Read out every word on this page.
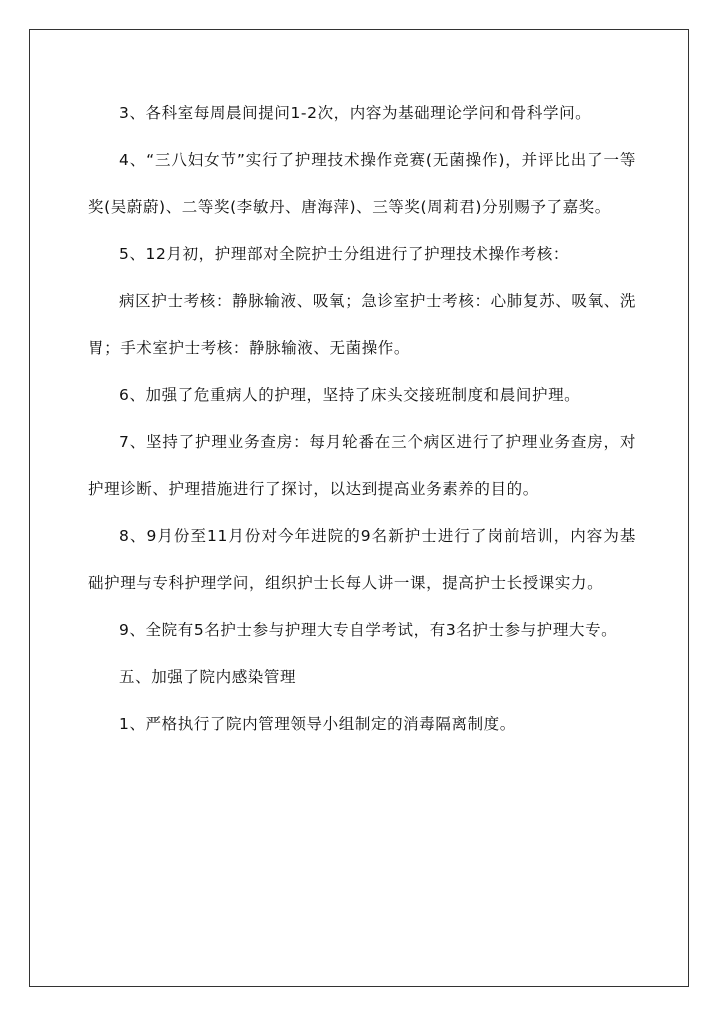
3、各科室每周晨间提问1-2次，内容为基础理论学问和骨科学问。

4、“三八妇女节”实行了护理技术操作竞赛(无菌操作)，并评比出了一等奖(吴蔚蔚)、二等奖(李敏丹、唐海萍)、三等奖(周莉君)分别赐予了嘉奖。

5、12月初，护理部对全院护士分组进行了护理技术操作考核：

病区护士考核：静脉输液、吸氧；急诊室护士考核：心肺复苏、吸氧、洗胃；手术室护士考核：静脉输液、无菌操作。

6、加强了危重病人的护理，坚持了床头交接班制度和晨间护理。

7、坚持了护理业务查房：每月轮番在三个病区进行了护理业务查房，对护理诊断、护理措施进行了探讨，以达到提高业务素养的目的。

8、9月份至11月份对今年进院的9名新护士进行了岗前培训，内容为基础护理与专科护理学问，组织护士长每人讲一课，提高护士长授课实力。

9、全院有5名护士参与护理大专自学考试，有3名护士参与护理大专。

五、加强了院内感染管理

1、严格执行了院内管理领导小组制定的消毒隔离制度。
